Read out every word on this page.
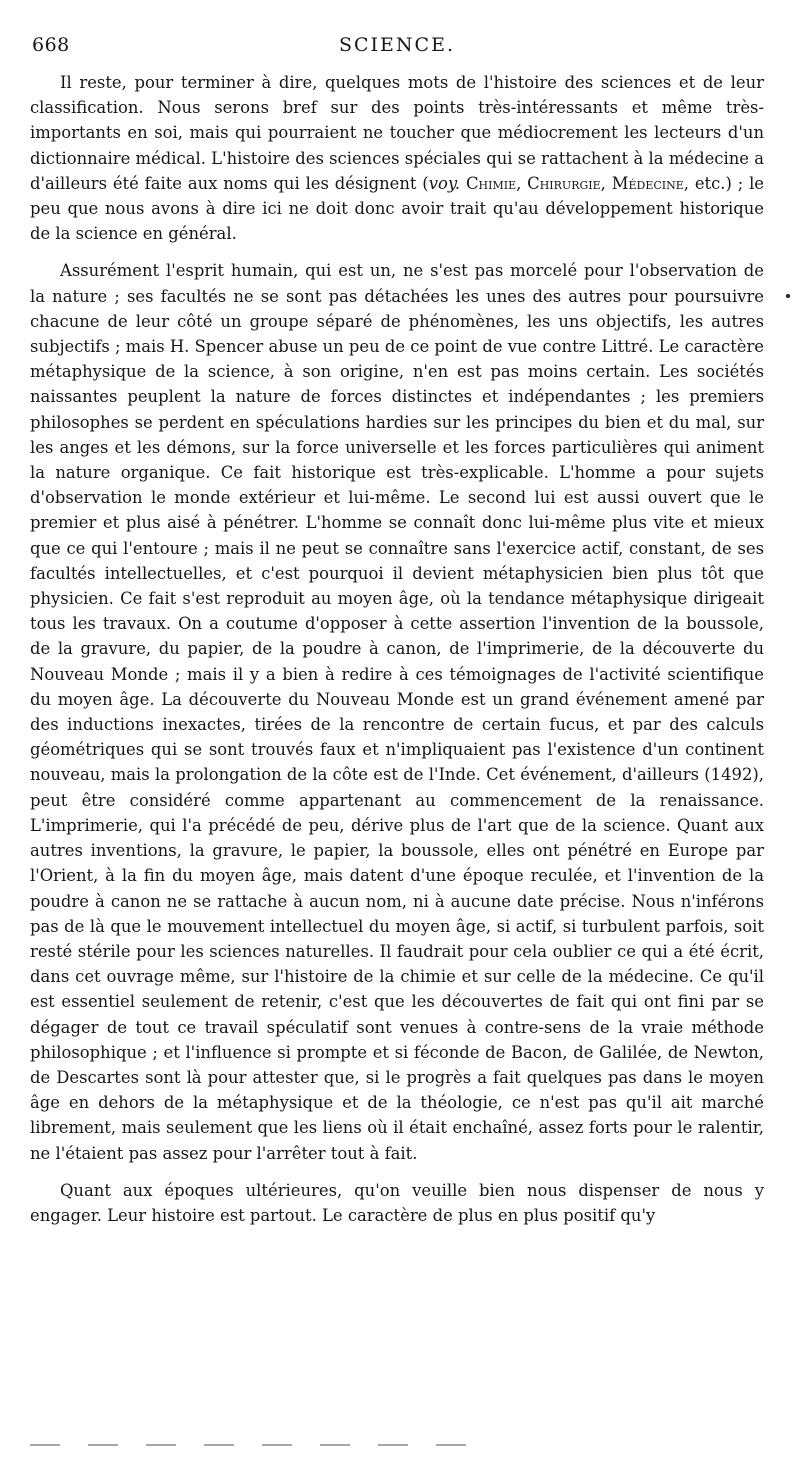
668	SCIENCE.

Il reste, pour terminer à dire, quelques mots de l'histoire des sciences et de leur classification. Nous serons bref sur des points très-intéressants et même très-importants en soi, mais qui pourraient ne toucher que médiocrement les lecteurs d'un dictionnaire médical. L'histoire des sciences spéciales qui se rattachent à la médecine a d'ailleurs été faite aux noms qui les désignent (voy. Chimie, Chirurgie, Médecine, etc.) ; le peu que nous avons à dire ici ne doit donc avoir trait qu'au développement historique de la science en général.

Assurément l'esprit humain, qui est un, ne s'est pas morcelé pour l'observation de la nature ; ses facultés ne se sont pas détachées les unes des autres pour poursuivre chacune de leur côté un groupe séparé de phénomènes, les uns objectifs, les autres subjectifs ; mais H. Spencer abuse un peu de ce point de vue contre Littré. Le caractère métaphysique de la science, à son origine, n'en est pas moins certain. Les sociétés naissantes peuplent la nature de forces distinctes et indépendantes ; les premiers philosophes se perdent en spéculations hardies sur les principes du bien et du mal, sur les anges et les démons, sur la force universelle et les forces particulières qui animent la nature organique. Ce fait historique est très-explicable. L'homme a pour sujets d'observation le monde extérieur et lui-même. Le second lui est aussi ouvert que le premier et plus aisé à pénétrer. L'homme se connaît donc lui-même plus vite et mieux que ce qui l'entoure ; mais il ne peut se connaître sans l'exercice actif, constant, de ses facultés intellectuelles, et c'est pourquoi il devient métaphysicien bien plus tôt que physicien. Ce fait s'est reproduit au moyen âge, où la tendance métaphysique dirigeait tous les travaux. On a coutume d'opposer à cette assertion l'invention de la boussole, de la gravure, du papier, de la poudre à canon, de l'imprimerie, de la découverte du Nouveau Monde ; mais il y a bien à redire à ces témoignages de l'activité scientifique du moyen âge. La découverte du Nouveau Monde est un grand événement amené par des inductions inexactes, tirées de la rencontre de certain fucus, et par des calculs géométriques qui se sont trouvés faux et n'impliquaient pas l'existence d'un continent nouveau, mais la prolongation de la côte est de l'Inde. Cet événement, d'ailleurs (1492), peut être considéré comme appartenant au commencement de la renaissance. L'imprimerie, qui l'a précédé de peu, dérive plus de l'art que de la science. Quant aux autres inventions, la gravure, le papier, la boussole, elles ont pénétré en Europe par l'Orient, à la fin du moyen âge, mais datent d'une époque reculée, et l'invention de la poudre à canon ne se rattache à aucun nom, ni à aucune date précise. Nous n'inférons pas de là que le mouvement intellectuel du moyen âge, si actif, si turbulent parfois, soit resté stérile pour les sciences naturelles. Il faudrait pour cela oublier ce qui a été écrit, dans cet ouvrage même, sur l'histoire de la chimie et sur celle de la médecine. Ce qu'il est essentiel seulement de retenir, c'est que les découvertes de fait qui ont fini par se dégager de tout ce travail spéculatif sont venues à contre-sens de la vraie méthode philosophique ; et l'influence si prompte et si féconde de Bacon, de Galilée, de Newton, de Descartes sont là pour attester que, si le progrès a fait quelques pas dans le moyen âge en dehors de la métaphysique et de la théologie, ce n'est pas qu'il ait marché librement, mais seulement que les liens où il était enchaîné, assez forts pour le ralentir, ne l'étaient pas assez pour l'arrêter tout à fait.

Quant aux époques ultérieures, qu'on veuille bien nous dispenser de nous y engager. Leur histoire est partout. Le caractère de plus en plus positif qu'y
